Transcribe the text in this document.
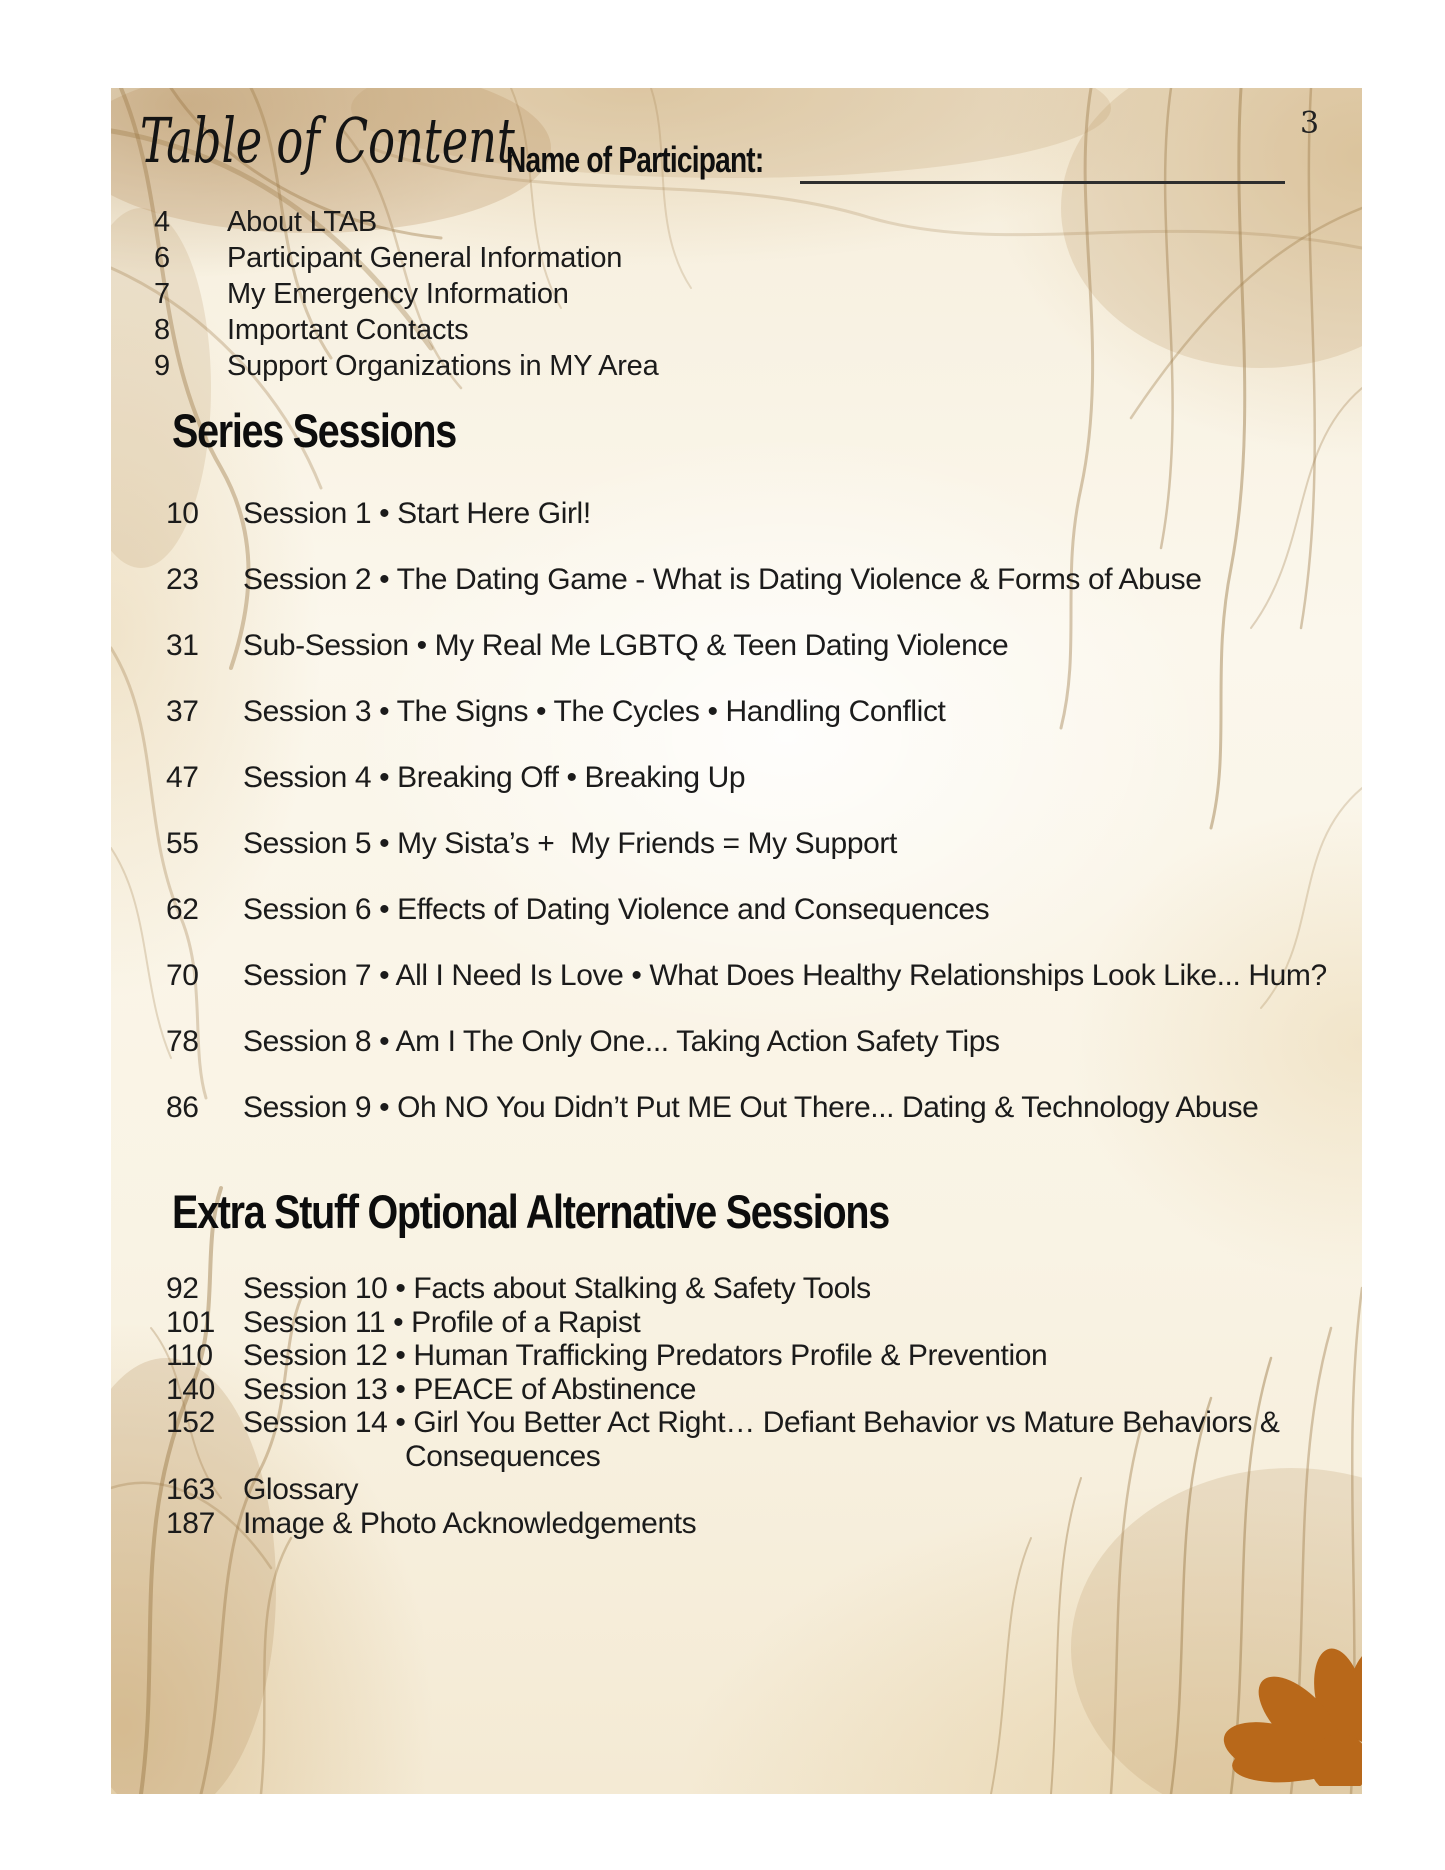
Table of Content
Name of Participant:
3
4	About LTAB
6	Participant General Information
7	My Emergency Information
8	Important Contacts
9	Support Organizations in MY Area
Series Sessions
10	Session 1 • Start Here Girl!
23	Session 2 • The Dating Game - What is Dating Violence & Forms of Abuse
31	Sub-Session • My Real Me LGBTQ & Teen Dating Violence
37	Session 3 • The Signs • The Cycles • Handling Conflict
47	Session 4 • Breaking Off • Breaking Up
55	Session 5 • My Sista’s +  My Friends = My Support
62	Session 6 • Effects of Dating Violence and Consequences
70	Session 7 • All I Need Is Love • What Does Healthy Relationships Look Like... Hum?
78	Session 8 • Am I The Only One... Taking Action Safety Tips
86	Session 9 • Oh NO You Didn’t Put ME Out There... Dating & Technology Abuse
Extra Stuff Optional Alternative Sessions
92	Session 10 • Facts about Stalking & Safety Tools
101 Session 11 • Profile of a Rapist
110	Session 12 • Human Trafficking Predators Profile & Prevention
140 Session 13 • PEACE of Abstinence
152 Session 14 • Girl You Better Act Right… Defiant Behavior vs Mature Behaviors &
Consequences
163 Glossary
187 Image & Photo Acknowledgements
